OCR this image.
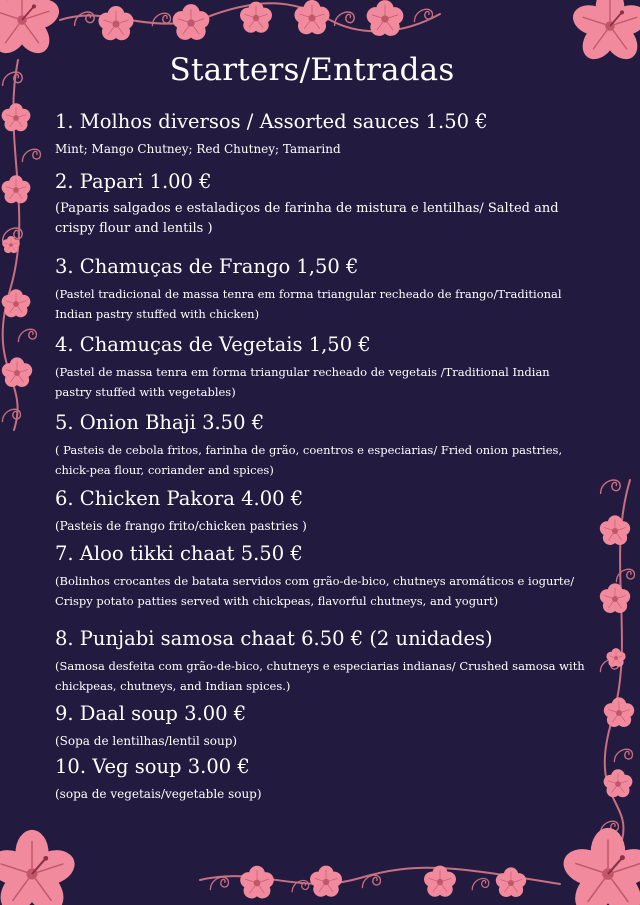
Starters/Entradas
1. Molhos diversos / Assorted sauces 1.50 €
Mint; Mango Chutney; Red Chutney; Tamarind
2. Papari 1.00 €
(Paparis salgados e estaladiços de farinha de mistura e lentilhas/ Salted and crispy flour and lentils )
3. Chamuças de Frango 1,50 €
(Pastel tradicional de massa tenra em forma triangular recheado de frango/Traditional Indian pastry stuffed with chicken)
4. Chamuças de Vegetais 1,50 €
(Pastel de massa tenra em forma triangular recheado de vegetais /Traditional Indian pastry stuffed with vegetables)
5. Onion Bhaji 3.50 €
( Pasteis de cebola fritos, farinha de grão, coentros e especiarias/ Fried onion pastries, chick-pea flour, coriander and spices)
6. Chicken Pakora 4.00 €
(Pasteis de frango frito/chicken pastries )
7. Aloo tikki chaat 5.50 €
(Bolinhos crocantes de batata servidos com grão-de-bico, chutneys aromáticos e iogurte/ Crispy potato patties served with chickpeas, flavorful chutneys, and yogurt)
8. Punjabi samosa chaat 6.50 € (2 unidades)
(Samosa desfeita com grão-de-bico, chutneys e especiarias indianas/ Crushed samosa with chickpeas, chutneys, and Indian spices.)
9. Daal soup 3.00 €
(Sopa de lentilhas/lentil soup)
10. Veg soup 3.00 €
(sopa de vegetais/vegetable soup)
